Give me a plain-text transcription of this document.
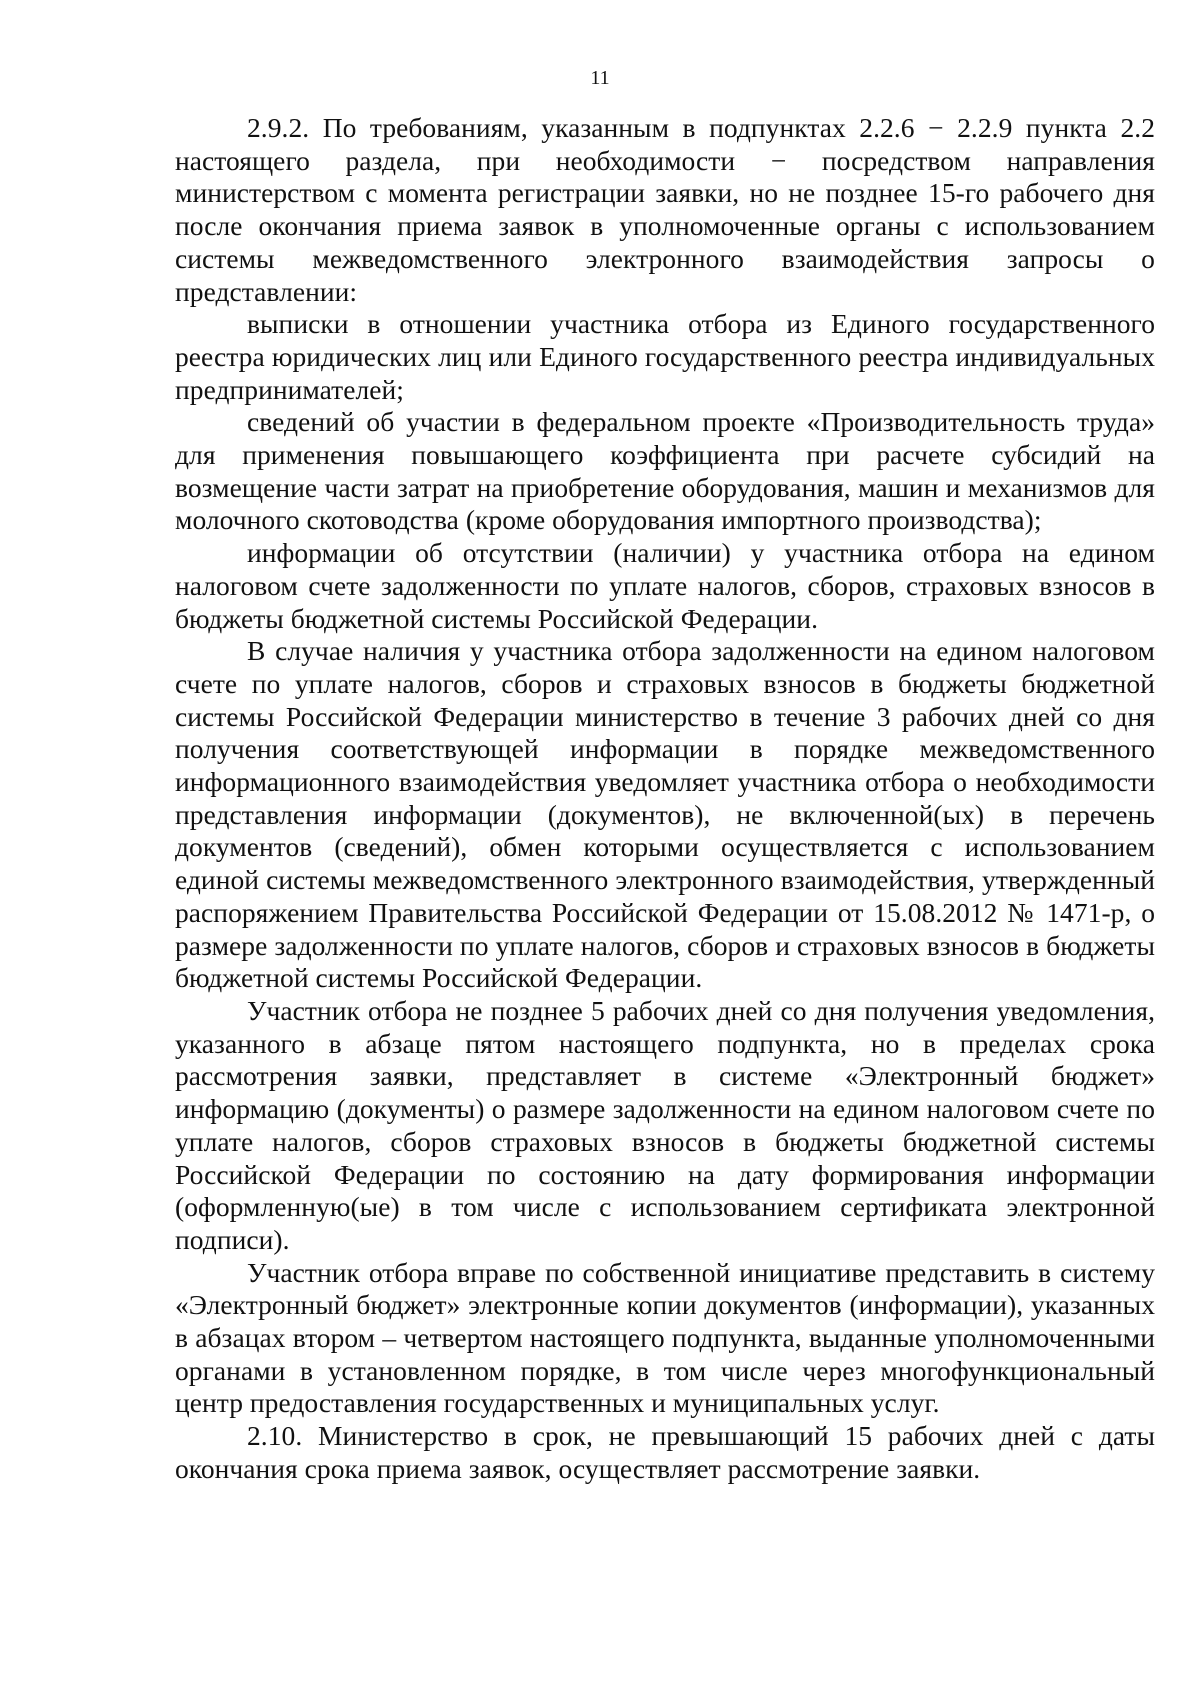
11

2.9.2. По требованиям, указанным в подпунктах 2.2.6 − 2.2.9 пункта 2.2 настоящего раздела, при необходимости − посредством направления министерством с момента регистрации заявки, но не позднее 15-го рабочего дня после окончания приема заявок в уполномоченные органы с использованием системы межведомственного электронного взаимодействия запросы о представлении:

выписки в отношении участника отбора из Единого государственного реестра юридических лиц или Единого государственного реестра индивидуальных предпринимателей;

сведений об участии в федеральном проекте «Производительность труда» для применения повышающего коэффициента при расчете субсидий на возмещение части затрат на приобретение оборудования, машин и механизмов для молочного скотоводства (кроме оборудования импортного производства);

информации об отсутствии (наличии) у участника отбора на едином налоговом счете задолженности по уплате налогов, сборов, страховых взносов в бюджеты бюджетной системы Российской Федерации.

В случае наличия у участника отбора задолженности на едином налоговом счете по уплате налогов, сборов и страховых взносов в бюджеты бюджетной системы Российской Федерации министерство в течение 3 рабочих дней со дня получения соответствующей информации в порядке межведомственного информационного взаимодействия уведомляет участника отбора о необходимости представления информации (документов), не включенной(ых) в перечень документов (сведений), обмен которыми осуществляется с использованием единой системы межведомственного электронного взаимодействия, утвержденный распоряжением Правительства Российской Федерации от 15.08.2012 № 1471-р, о размере задолженности по уплате налогов, сборов и страховых взносов в бюджеты бюджетной системы Российской Федерации.

Участник отбора не позднее 5 рабочих дней со дня получения уведомления, указанного в абзаце пятом настоящего подпункта, но в пределах срока рассмотрения заявки, представляет в системе «Электронный бюджет» информацию (документы) о размере задолженности на едином налоговом счете по уплате налогов, сборов страховых взносов в бюджеты бюджетной системы Российской Федерации по состоянию на дату формирования информации (оформленную(ые) в том числе с использованием сертификата электронной подписи).

Участник отбора вправе по собственной инициативе представить в систему «Электронный бюджет» электронные копии документов (информации), указанных в абзацах втором – четвертом настоящего подпункта, выданные уполномоченными органами в установленном порядке, в том числе через многофункциональный центр предоставления государственных и муниципальных услуг.

2.10. Министерство в срок, не превышающий 15 рабочих дней с даты окончания срока приема заявок, осуществляет рассмотрение заявки.
